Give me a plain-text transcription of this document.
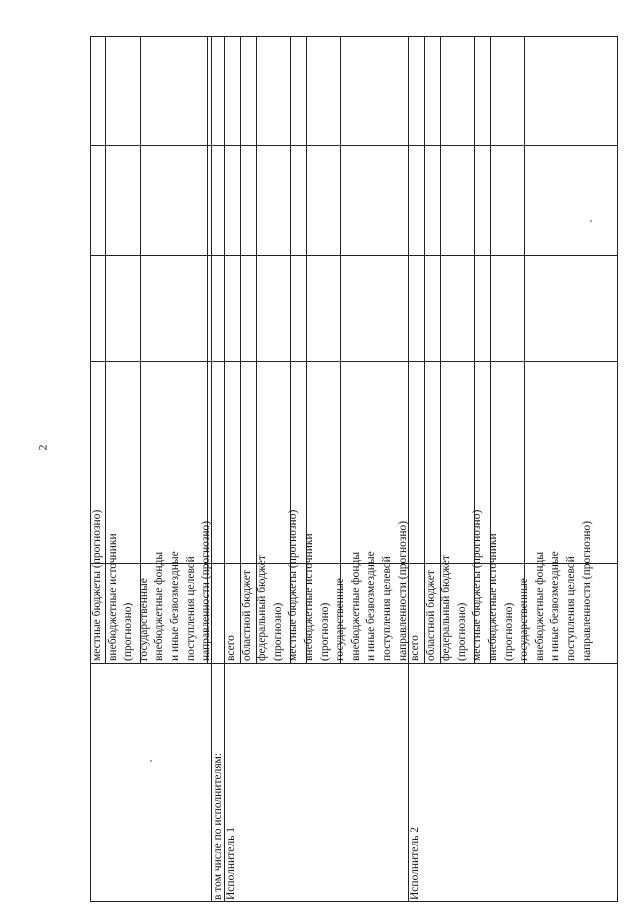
2
в том числе по исполнителям: Исполнитель 1	Исполнитель 2
местные бюджеты (прогнозно) внебюджетные источники (прогнозно) государственные внебюджетные фонды и иные безвозмездные поступления целевой направленности (прогнозно) всего областной бюджет федеральный бюджет (прогнозно) местные бюджеты (прогнозно) внебюджетные источники (прогнозно) государственные внебюджетные фонды и иные безвозмездные поступления целевой направленности (прогнозно) всего областной бюджет федеральный бюджет (прогнозно) местные бюджеты (прогнозно) внебюджетные источники (прогнозно) государственные внебюджетные фонды и иные безвозмездные поступления целевой направленности (прогнозно)
